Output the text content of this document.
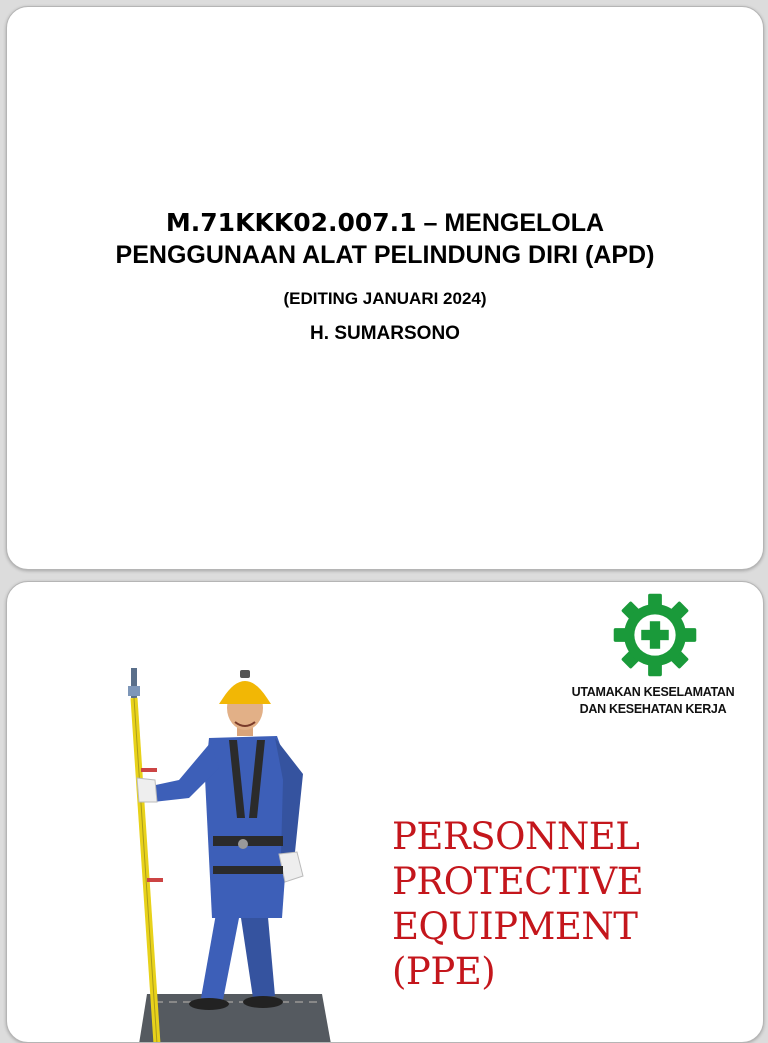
M.71KKK02.007.1 – MENGELOLA
PENGGUNAAN ALAT PELINDUNG DIRI (APD)
(EDITING JANUARI 2024)
H. SUMARSONO
UTAMAKAN KESELAMATAN
DAN KESEHATAN KERJA
PERSONNEL
PROTECTIVE
EQUIPMENT
(PPE)
